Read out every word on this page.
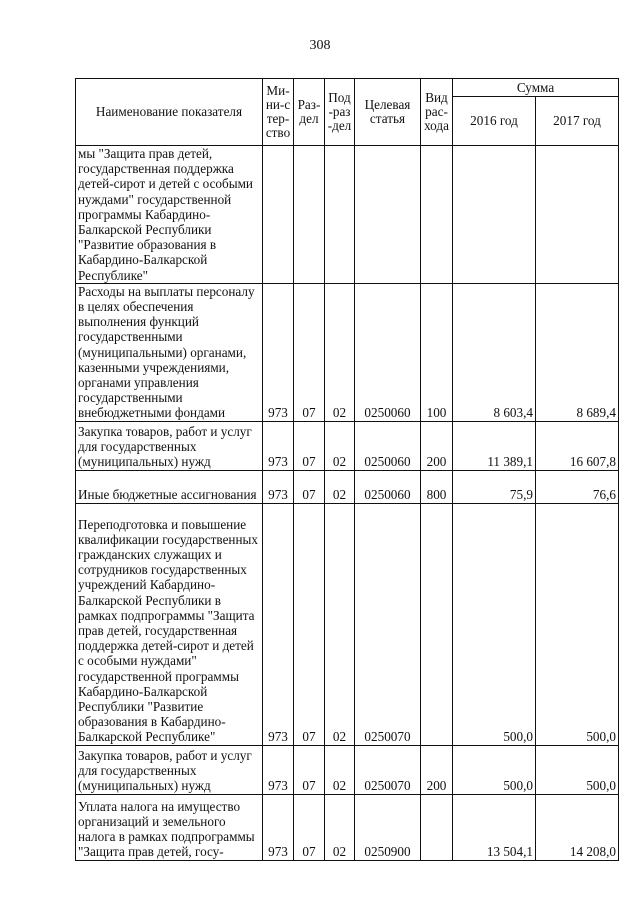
308
Наименование показателя	Ми-ни-стер-ство	Раз-дел	Под-раз-дел	Целевая статья	Вид рас-хода	Сумма	
						2016 год	2017 год
мы "Защита прав детей, государственная поддержка детей-сирот и детей с особыми нуждами" государственной программы Кабардино-Балкарской Республики "Развитие образования в Кабардино-Балкарской Республике"							
Расходы на выплаты персоналу в целях обеспечения выполнения функций государственными (муниципальными) органами, казенными учреждениями, органами управления государственными внебюджетными фондами	973	07	02	0250060	100	8 603,4	8 689,4
Закупка товаров, работ и услуг для государственных (муниципальных) нужд	973	07	02	0250060	200	11 389,1	16 607,8
Иные бюджетные ассигнования	973	07	02	0250060	800	75,9	76,6
Переподготовка и повышение квалификации государственных гражданских служащих и сотрудников государственных учреждений Кабардино-Балкарской Республики в рамках подпрограммы "Защита прав детей, государственная поддержка детей-сирот и детей с особыми нуждами" государственной программы Кабардино-Балкарской Республики "Развитие образования в Кабардино-Балкарской Республике"	973	07	02	0250070		500,0	500,0
Закупка товаров, работ и услуг для государственных (муниципальных) нужд	973	07	02	0250070	200	500,0	500,0
Уплата налога на имущество организаций и земельного налога в рамках подпрограммы "Защита прав детей, госу-	973	07	02	0250900		13 504,1	14 208,0
